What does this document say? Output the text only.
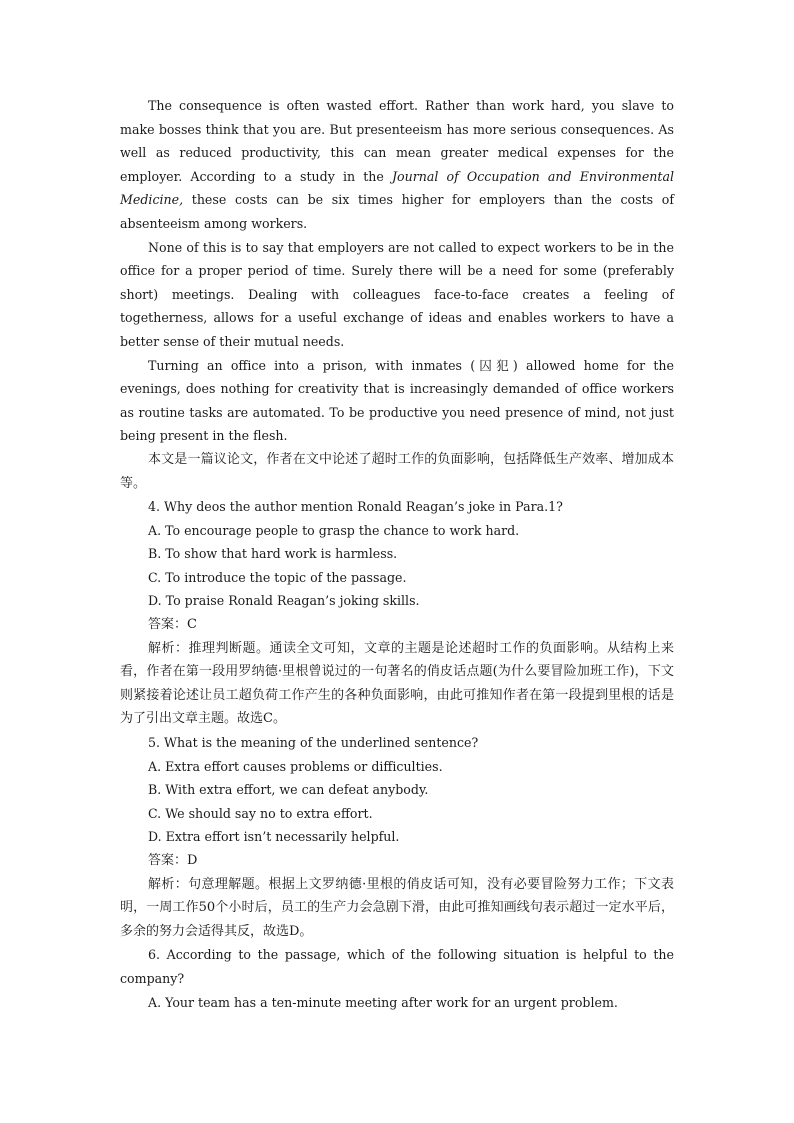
The consequence is often wasted effort. Rather than work hard, you slave to make bosses think that you are. But presenteeism has more serious consequences. As well as reduced productivity, this can mean greater medical expenses for the employer. According to a study in the Journal of Occupation and Environmental Medicine, these costs can be six times higher for employers than the costs of absenteeism among workers.

None of this is to say that employers are not called to expect workers to be in the office for a proper period of time. Surely there will be a need for some (preferably short) meetings. Dealing with colleagues face-to-face creates a feeling of togetherness, allows for a useful exchange of ideas and enables workers to have a better sense of their mutual needs.

Turning an office into a prison, with inmates (囚犯) allowed home for the evenings, does nothing for creativity that is increasingly demanded of office workers as routine tasks are automated. To be productive you need presence of mind, not just being present in the flesh.

本文是一篇议论文，作者在文中论述了超时工作的负面影响，包括降低生产效率、增加成本等。

4. Why deos the author mention Ronald Reagan’s joke in Para.1?

A. To encourage people to grasp the chance to work hard.

B. To show that hard work is harmless.

C. To introduce the topic of the passage.

D. To praise Ronald Reagan’s joking skills.

答案：C

解析：推理判断题。通读全文可知，文章的主题是论述超时工作的负面影响。从结构上来看，作者在第一段用罗纳德·里根曾说过的一句著名的俏皮话点题(为什么要冒险加班工作)，下文则紧接着论述让员工超负荷工作产生的各种负面影响，由此可推知作者在第一段提到里根的话是为了引出文章主题。故选C。

5. What is the meaning of the underlined sentence?

A. Extra effort causes problems or difficulties.

B. With extra effort, we can defeat anybody.

C. We should say no to extra effort.

D. Extra effort isn’t necessarily helpful.

答案：D

解析：句意理解题。根据上文罗纳德·里根的俏皮话可知，没有必要冒险努力工作；下文表明，一周工作50个小时后，员工的生产力会急剧下滑，由此可推知画线句表示超过一定水平后，多余的努力会适得其反，故选D。

6. According to the passage, which of the following situation is helpful to the company?

A. Your team has a ten-minute meeting after work for an urgent problem.
